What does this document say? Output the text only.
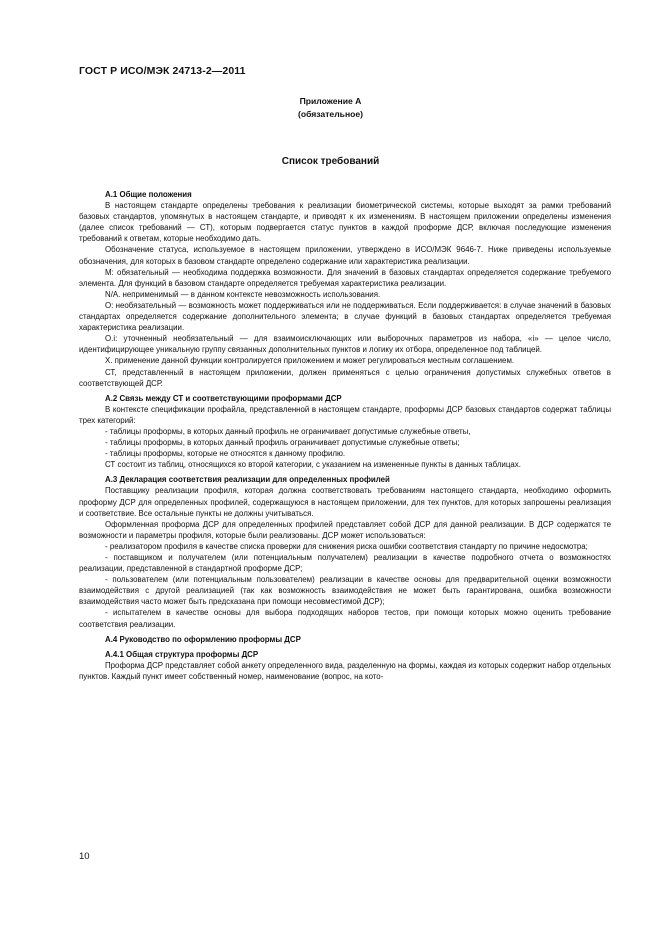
ГОСТ Р ИСО/МЭК 24713-2—2011
Приложение А
(обязательное)
Список требований
А.1 Общие положения

В настоящем стандарте определены требования к реализации биометрической системы, которые выходят за рамки требований базовых стандартов, упомянутых в настоящем стандарте, и приводят к их изменениям. В настоящем приложении определены изменения (далее список требований — СТ), которым подвергается статус пунктов в каждой проформе ДСР, включая последующие изменения требований к ответам, которые необходимо дать.

Обозначение статуса, используемое в настоящем приложении, утверждено в ИСО/МЭК 9646-7. Ниже приведены используемые обозначения, для которых в базовом стандарте определено содержание или характеристика реализации.

M: обязательный — необходима поддержка возможности. Для значений в базовых стандартах определяется содержание требуемого элемента. Для функций в базовом стандарте определяется требуемая характеристика реализации.

N/A. неприменимый — в данном контексте невозможность использования.

О: необязательный — возможность может поддерживаться или не поддерживаться. Если поддерживается: в случае значений в базовых стандартах определяется содержание дополнительного элемента; в случае функций в базовых стандартах определяется требуемая характеристика реализации.

О.i: уточненный необязательный — для взаимоисключающих или выборочных параметров из набора, «i» — целое число, идентифицирующее уникальную группу связанных дополнительных пунктов и логику их отбора, определенное под таблицей.

X. применение данной функции контролируется приложением и может регулироваться местным соглашением.

СТ, представленный в настоящем приложении, должен применяться с целью ограничения допустимых служебных ответов в соответствующей ДСР.

А.2 Связь между СТ и соответствующими проформами ДСР

В контексте спецификации профайла, представленной в настоящем стандарте, проформы ДСР базовых стандартов содержат таблицы трех категорий:

- таблицы проформы, в которых данный профиль не ограничивает допустимые служебные ответы,

- таблицы проформы, в которых данный профиль ограничивает допустимые служебные ответы;

- таблицы проформы, которые не относятся к данному профилю.

СТ состоит из таблиц, относящихся ко второй категории, с указанием на измененные пункты в данных таблицах.

А.3 Декларация соответствия реализации для определенных профилей

Поставщику реализации профиля, которая должна соответствовать требованиям настоящего стандарта, необходимо оформить проформу ДСР для определенных профилей, содержащуюся в настоящем приложении, для тех пунктов, для которых запрошены реализация и соответствие. Все остальные пункты не должны учитываться.

Оформленная проформа ДСР для определенных профилей представляет собой ДСР для данной реализации. В ДСР содержатся те возможности и параметры профиля, которые были реализованы. ДСР может использоваться:

- реализатором профиля в качестве списка проверки для снижения риска ошибки соответствия стандарту по причине недосмотра;

- поставщиком и получателем (или потенциальным получателем) реализации в качестве подробного отчета о возможностях реализации, представленной в стандартной проформе ДСР;

- пользователем (или потенциальным пользователем) реализации в качестве основы для предварительной оценки возможности взаимодействия с другой реализацией (так как возможность взаимодействия не может быть гарантирована, ошибка возможности взаимодействия часто может быть предсказана при помощи несовместимой ДСР);

- испытателем в качестве основы для выбора подходящих наборов тестов, при помощи которых можно оценить требование соответствия реализации.

А.4 Руководство по оформлению проформы ДСР
А.4.1 Общая структура проформы ДСР

Проформа ДСР представляет собой анкету определенного вида, разделенную на формы, каждая из которых содержит набор отдельных пунктов. Каждый пункт имеет собственный номер, наименование (вопрос, на кото-

10
